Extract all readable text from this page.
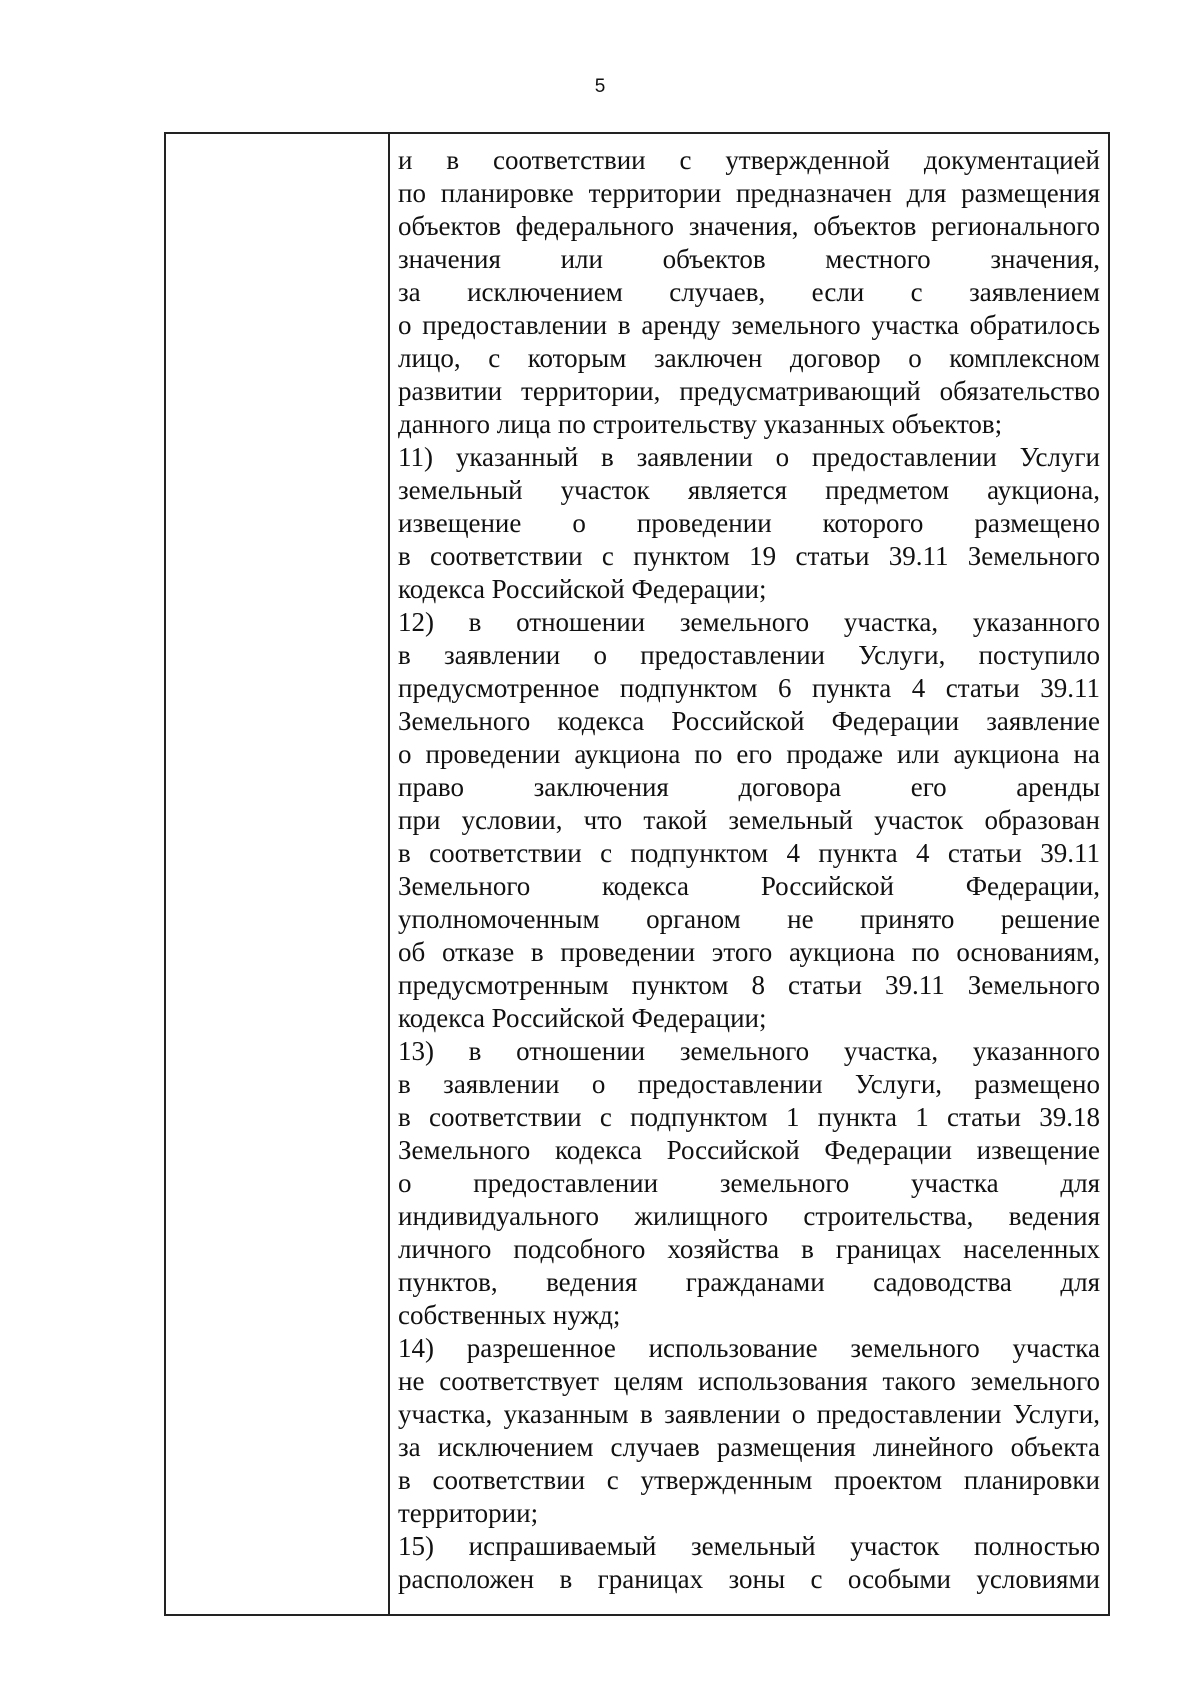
5
и в соответствии с утвержденной документацией
по планировке территории предназначен для размещения
объектов федерального значения, объектов регионального
значения или объектов местного значения,
за исключением случаев, если с заявлением
о предоставлении в аренду земельного участка обратилось
лицо, с которым заключен договор о комплексном
развитии территории, предусматривающий обязательство
данного лица по строительству указанных объектов;
11) указанный в заявлении о предоставлении Услуги
земельный участок является предметом аукциона,
извещение о проведении которого размещено
в соответствии с пунктом 19 статьи 39.11 Земельного
кодекса Российской Федерации;
12) в отношении земельного участка, указанного
в заявлении о предоставлении Услуги, поступило
предусмотренное подпунктом 6 пункта 4 статьи 39.11
Земельного кодекса Российской Федерации заявление
о проведении аукциона по его продаже или аукциона на
право заключения договора его аренды
при условии, что такой земельный участок образован
в соответствии с подпунктом 4 пункта 4 статьи 39.11
Земельного кодекса Российской Федерации,
уполномоченным органом не принято решение
об отказе в проведении этого аукциона по основаниям,
предусмотренным пунктом 8 статьи 39.11 Земельного
кодекса Российской Федерации;
13) в отношении земельного участка, указанного
в заявлении о предоставлении Услуги, размещено
в соответствии с подпунктом 1 пункта 1 статьи 39.18
Земельного кодекса Российской Федерации извещение
о предоставлении земельного участка для
индивидуального жилищного строительства, ведения
личного подсобного хозяйства в границах населенных
пунктов, ведения гражданами садоводства для
собственных нужд;
14) разрешенное использование земельного участка
не соответствует целям использования такого земельного
участка, указанным в заявлении о предоставлении Услуги,
за исключением случаев размещения линейного объекта
в соответствии с утвержденным проектом планировки
территории;
15) испрашиваемый земельный участок полностью
расположен в границах зоны с особыми условиями
